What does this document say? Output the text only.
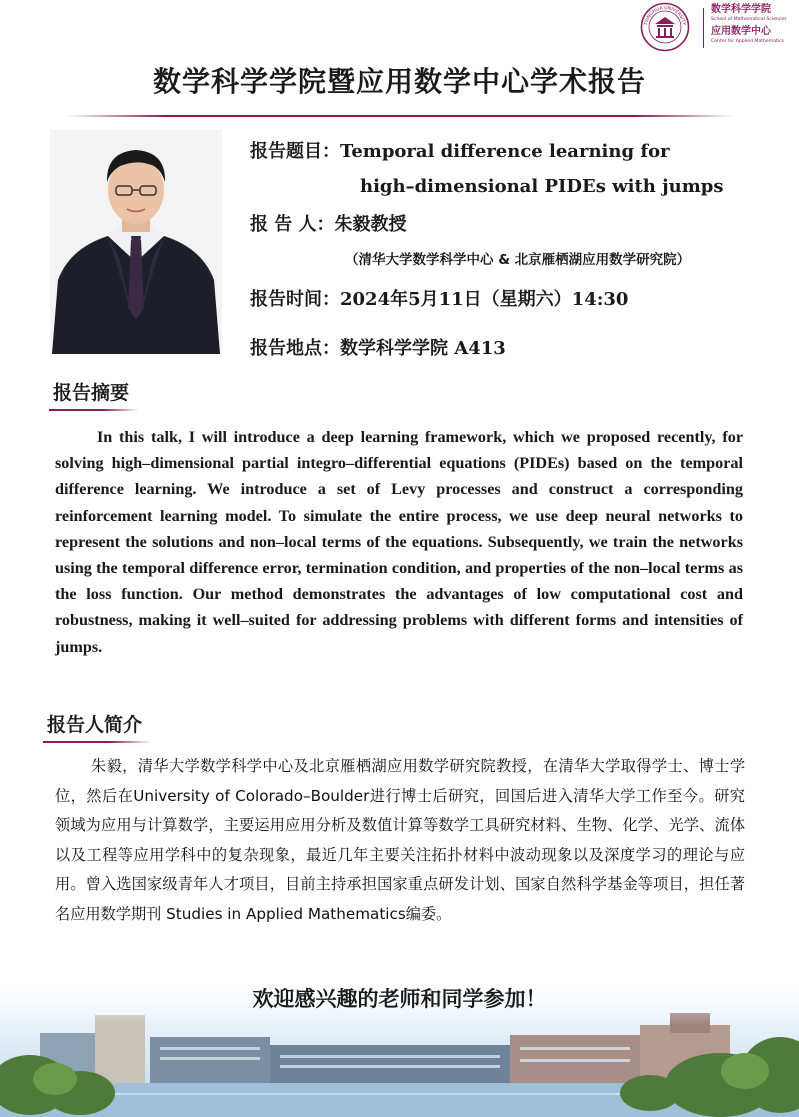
TSINGHUA UNIVERSITY
数学科学学院
School of Mathematical Sciences
应用数学中心
Center for Applied Mathematics
数学科学学院暨应用数学中心学术报告
报告题目：Temporal difference learning for
high–dimensional PIDEs with jumps
报 告 人：朱毅教授
（清华大学数学科学中心 & 北京雁栖湖应用数学研究院）
报告时间：2024年5月11日（星期六）14:30
报告地点：数学科学学院 A413
报告摘要
In this talk, I will introduce a deep learning framework, which we proposed recently, for solving high–dimensional partial integro–differential equations (PIDEs) based on the temporal difference learning. We introduce a set of Levy processes and construct a corresponding reinforcement learning model. To simulate the entire process, we use deep neural networks to represent the solutions and non–local terms of the equations. Subsequently, we train the networks using the temporal difference error, termination condition, and properties of the non–local terms as the loss function. Our method demonstrates the advantages of low computational cost and robustness, making it well–suited for addressing problems with different forms and intensities of jumps.
报告人简介
朱毅，清华大学数学科学中心及北京雁栖湖应用数学研究院教授，在清华大学取得学士、博士学位，然后在University of Colorado–Boulder进行博士后研究，回国后进入清华大学工作至今。研究领域为应用与计算数学，主要运用应用分析及数值计算等数学工具研究材料、生物、化学、光学、流体以及工程等应用学科中的复杂现象，最近几年主要关注拓扑材料中波动现象以及深度学习的理论与应用。曾入选国家级青年人才项目，目前主持承担国家重点研发计划、国家自然科学基金等项目，担任著名应用数学期刊 Studies in Applied Mathematics编委。
欢迎感兴趣的老师和同学参加！
